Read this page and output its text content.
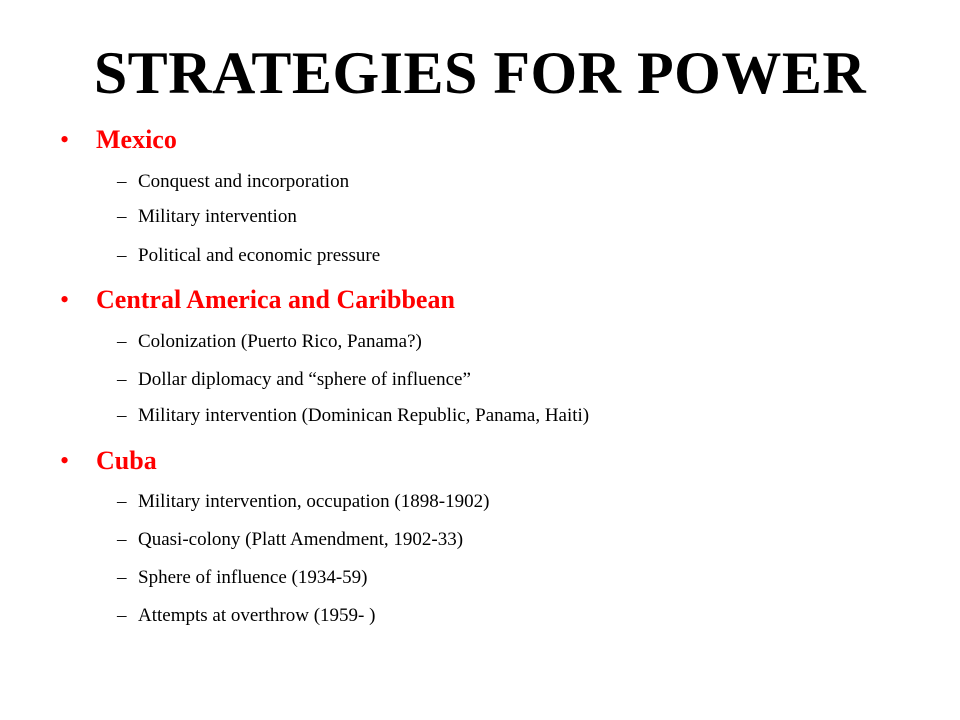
STRATEGIES FOR POWER
• Mexico
– Conquest and incorporation
– Military intervention
– Political and economic pressure
• Central America and Caribbean
– Colonization (Puerto Rico, Panama?)
– Dollar diplomacy and “sphere of influence”
– Military intervention (Dominican Republic, Panama, Haiti)
• Cuba
– Military intervention, occupation (1898-1902)
– Quasi-colony (Platt Amendment, 1902-33)
– Sphere of influence (1934-59)
– Attempts at overthrow (1959- )
